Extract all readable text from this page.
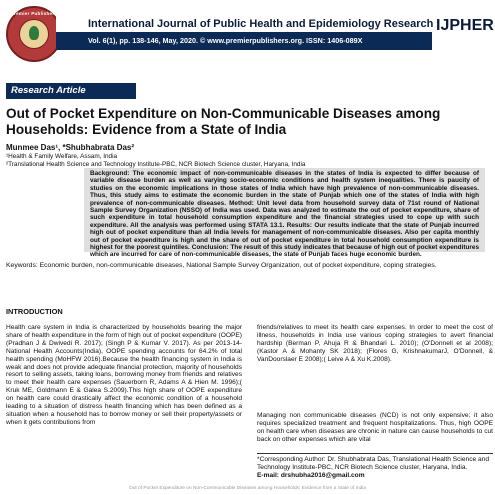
Premier Publishers
International Journal of Public Health and Epidemiology Research
Vol. 6(1), pp. 138-146, May, 2020. © www.premierpublishers.org. ISSN: 1406-089X
IJPHER
Research Article
Out of Pocket Expenditure on Non-Communicable Diseases among Households: Evidence from a State of India
Munmee Das¹, *Shubhabrata Das²
¹Health & Family Welfare, Assam, India
²Translational Health Science and Technology Institute-PBC, NCR Biotech Science cluster, Haryana, India
Background: The economic impact of non-communicable diseases in the states of India is expected to differ because of variable disease burden as well as varying socio-economic conditions and health system inequalities. There is paucity of studies on the economic implications in those states of India which have high prevalence of non-communicable diseases. Thus, this study aims to estimate the economic burden in the state of Punjab which one of the states of India with high prevalence of non-communicable diseases. Method: Unit level data from household survey data of 71st round of National Sample Survey Organization (NSSO) of India was used. Data was analyzed to estimate the out of pocket expenditure, share of such expenditure in total household consumption expenditure and the financial strategies used to cope up with such expenditure. All the analysis was performed using STATA 13.1. Results: Our results indicate that the state of Punjab incurred high out of pocket expenditure than all India levels for management of non-communicable diseases. Also per capita monthly out of pocket expenditure is high and the share of out of pocket expenditure in total household consumption expenditure is highest for the poorest quintiles. Conclusion: The result of this study indicates that because of high out of pocket expenditures which are incurred for care of non-communicable diseases, the state of Punjab faces huge economic burden.
Keywords: Economic burden, non-communicable diseases, National Sample Survey Organization, out of pocket expenditure, coping strategies.
INTRODUCTION
Health care system in India is characterized by households bearing the major share of health expenditure in the form of high out of pocket expenditure (OOPE) (Pradhan J & Dwivedi R. 2017); (Singh P & Kumar V. 2017). As per 2013-14- National Health Accounts(India), OOPE spending accounts for 64.2% of total health spending (MoHFW 2016).Because the health financing system in India is weak and does not provide adequate financial protection, majority of households resort to selling assets, taking loans, borrowing money from friends and relatives to meet their health care expenses (Sauerborn R, Adams A & Hien M. 1996);( Kruk ME, Goldmann E & Galea S.2009).This high share of OOPE expenditure on health care could drastically affect the economic condition of a household leading to a situation of distress health financing which has been defined as a situation when a household has to borrow money or sell their property/assets or when it gets contributions from
friends/relatives to meet its health care expenses. In order to meet the cost of illness, households in India use various coping strategies to avert financial hardship (Berman P, Ahuja R & Bhandari L. 2010); (O'Donnell et al 2008); (Kastor A & Mohanty SK 2018); (Flores G, KrishnakumarJ, O'Donnell, & VanDoorslaer E 2008);( Leive A & Xu K.2008).
Managing non communicable diseases (NCD) is not only expensive; it also requires specialized treatment and frequent hospitalizations. Thus, high OOPE on health care when diseases are chronic in nature can cause households to cut back on other expenses which are vital
*Corresponding Author: Dr. Shubhabrata Das, Translational Health Science and Technology Institute-PBC, NCR Biotech Science cluster, Haryana, India.
E-mail: drshubha2016@gmail.com
Out of Pocket Expenditure on Non-Communicable Diseases among Households: Evidence from a State of India
